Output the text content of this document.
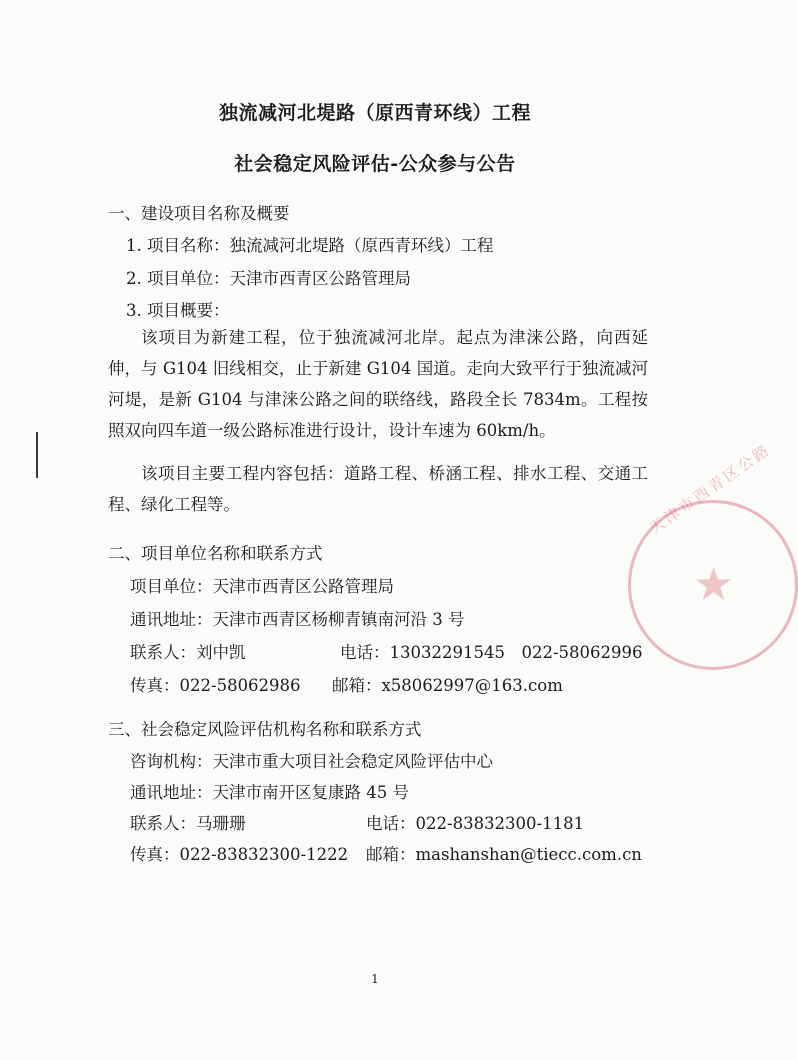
独流减河北堤路（原西青环线）工程
社会稳定风险评估-公众参与公告
一、建设项目名称及概要
1. 项目名称：独流减河北堤路（原西青环线）工程
2. 项目单位：天津市西青区公路管理局
3. 项目概要：
该项目为新建工程，位于独流减河北岸。起点为津涞公路，向西延伸，与 G104 旧线相交，止于新建 G104 国道。走向大致平行于独流减河河堤，是新 G104 与津涞公路之间的联络线，路段全长 7834m。工程按照双向四车道一级公路标准进行设计，设计车速为 60km/h。
该项目主要工程内容包括：道路工程、桥涵工程、排水工程、交通工程、绿化工程等。
二、项目单位名称和联系方式
项目单位：天津市西青区公路管理局
通讯地址：天津市西青区杨柳青镇南河沿 3 号
联系人：刘中凯	电话：13032291545　022-58062996
传真：022-58062986 邮箱：x58062997@163.com
三、社会稳定风险评估机构名称和联系方式
咨询机构：天津市重大项目社会稳定风险评估中心
通讯地址：天津市南开区复康路 45 号
联系人：马珊珊	电话：022-83832300-1181
传真：022-83832300-1222 邮箱：mashanshan@tiecc.com.cn
天津市西青区公路
★
1
